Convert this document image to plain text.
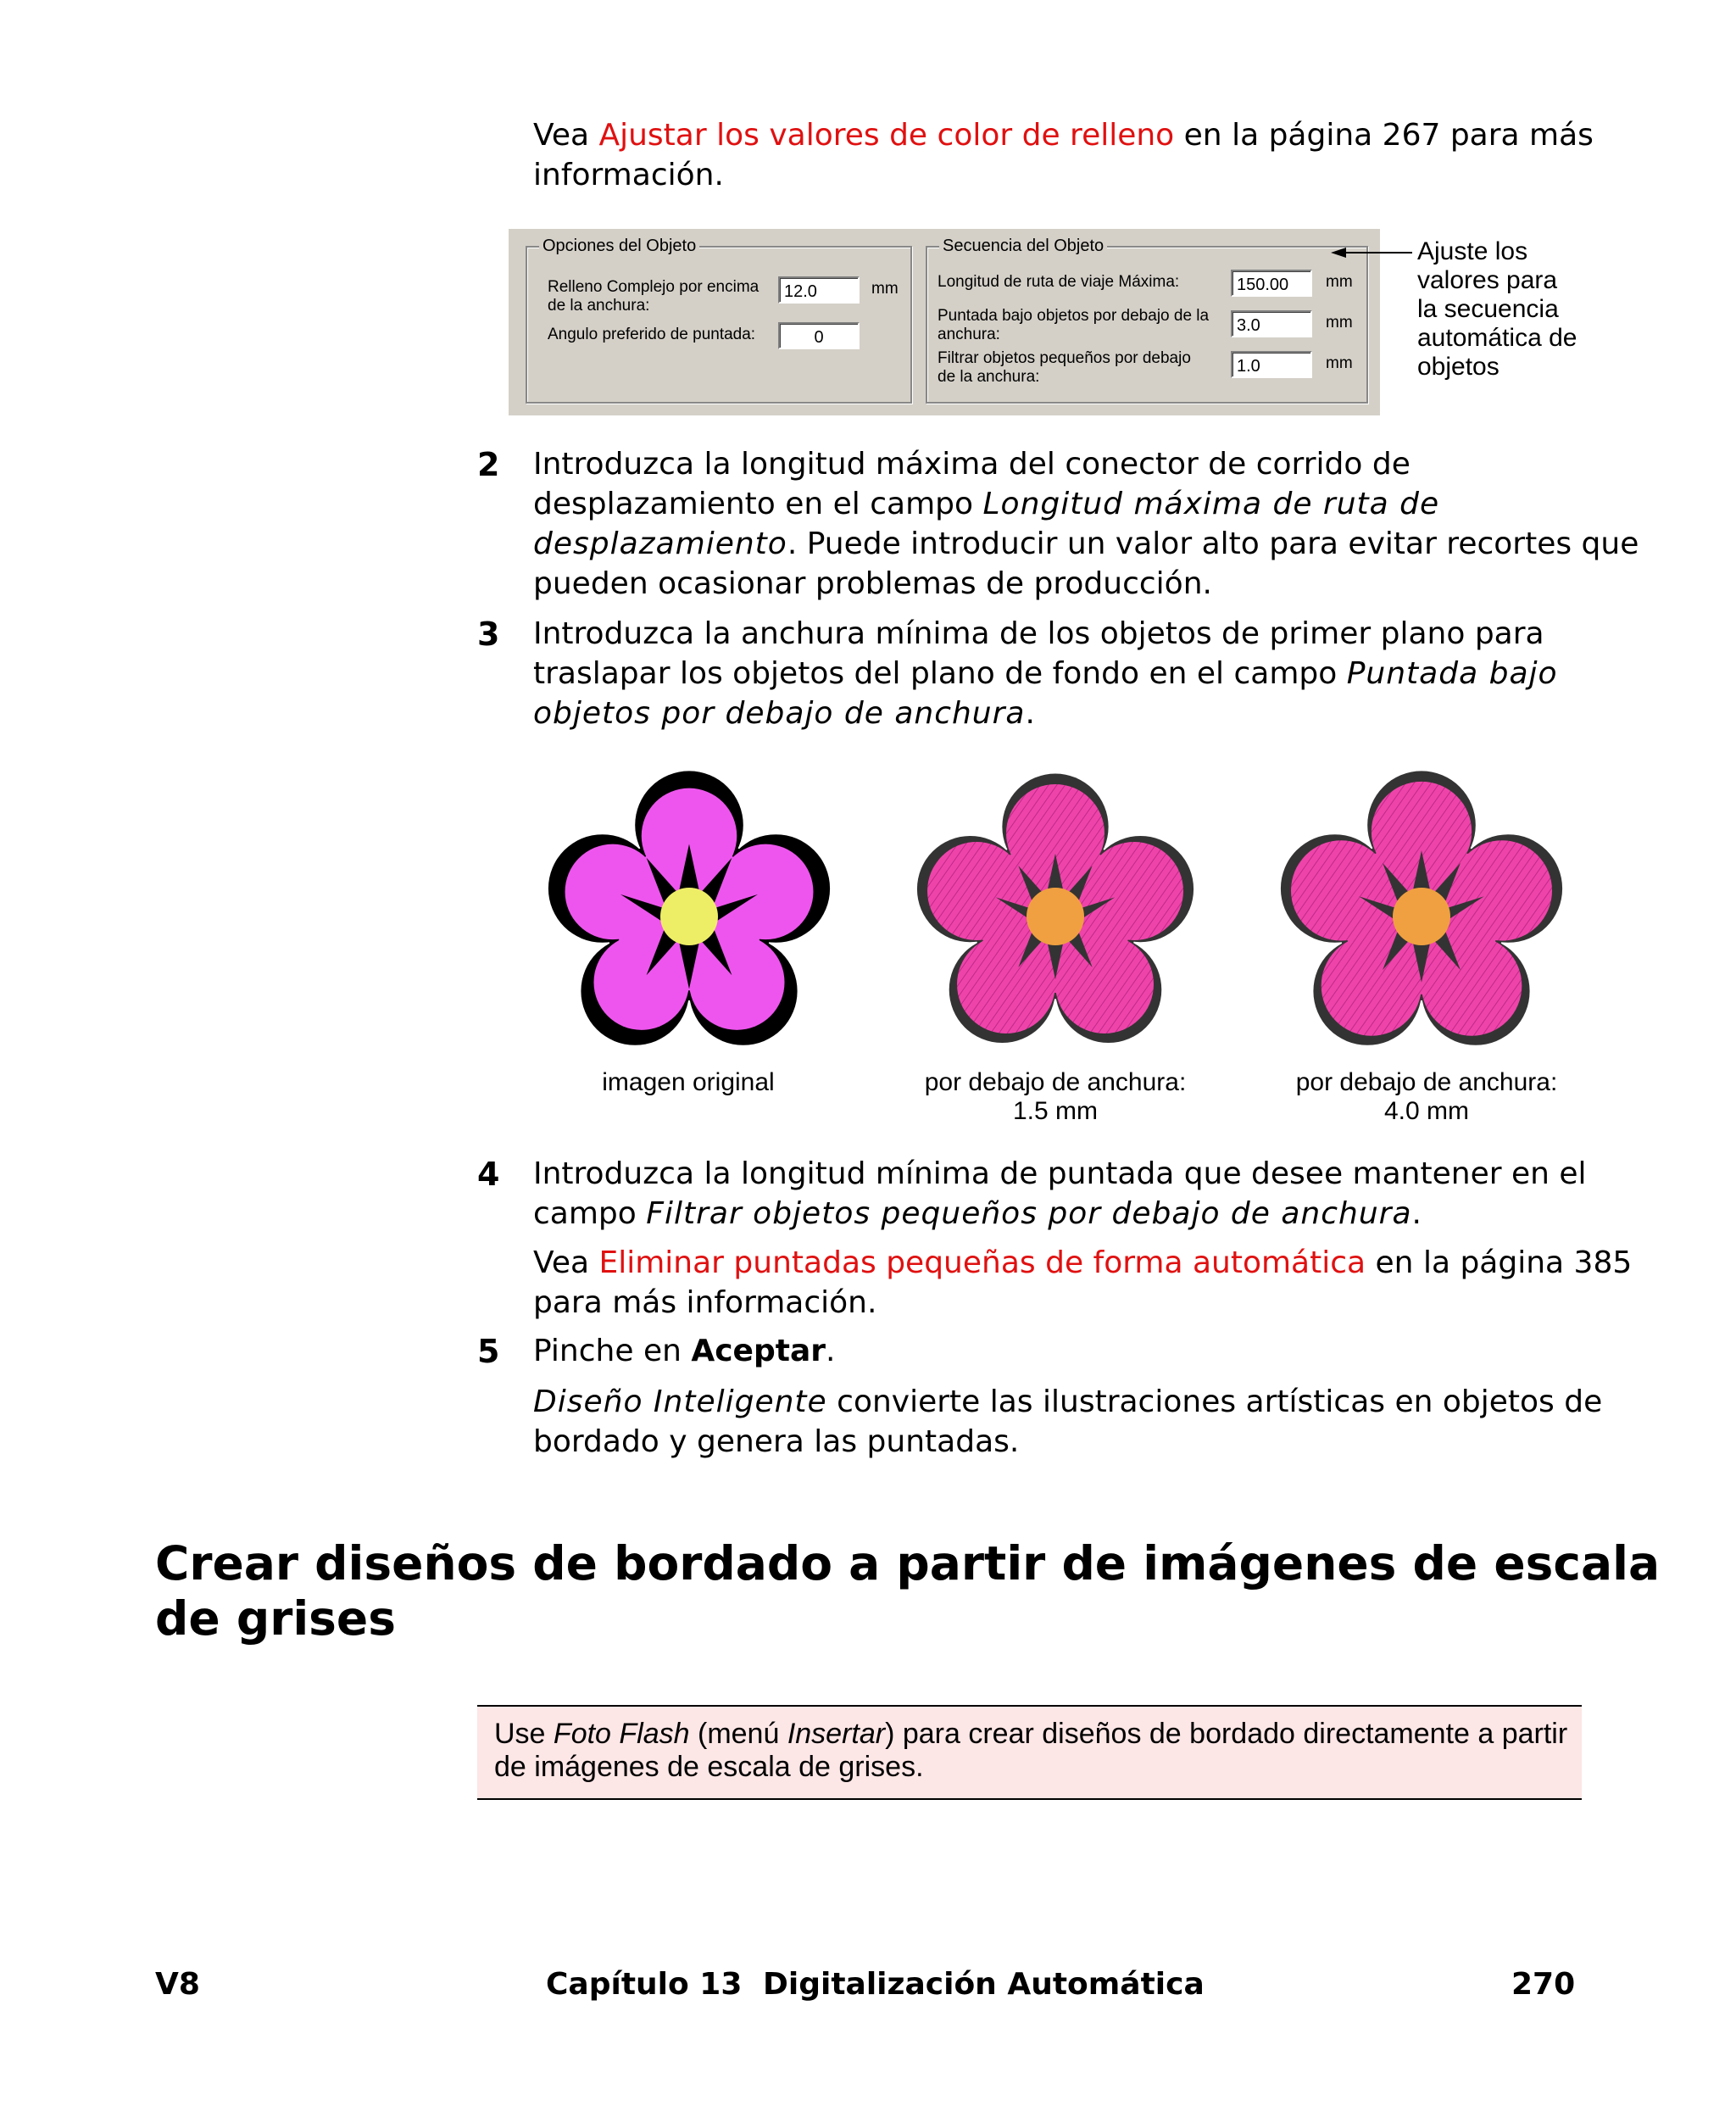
Vea Ajustar los valores de color de relleno en la página 267 para más
información.
Opciones del Objeto
Relleno Complejo por encima
de la anchura:
12.0	mm
Angulo preferido de puntada:	0
Secuencia del Objeto
Longitud de ruta de viaje Máxima:	150.00	mm
Puntada bajo objetos por debajo de la
anchura:	3.0	mm
Filtrar objetos pequeños por debajo
de la anchura:
1.0	mm
Ajuste los
valores para
la secuencia
automática de
objetos
2 Introduzca la longitud máxima del conector de corrido de
desplazamiento en el campo Longitud máxima de ruta de
desplazamiento. Puede introducir un valor alto para evitar recortes que
pueden ocasionar problemas de producción.
3 Introduzca la anchura mínima de los objetos de primer plano para
traslapar los objetos del plano de fondo en el campo Puntada bajo
objetos por debajo de anchura.
imagen original	por debajo de anchura:
1.5 mm
por debajo de anchura:
4.0 mm
4 Introduzca la longitud mínima de puntada que desee mantener en el
campo Filtrar objetos pequeños por debajo de anchura.
Vea Eliminar puntadas pequeñas de forma automática en la página 385
para más información.
5 Pinche en Aceptar.
Diseño Inteligente convierte las ilustraciones artísticas en objetos de
bordado y genera las puntadas.
Crear diseños de bordado a partir de imágenes de escala
de grises
Use Foto Flash (menú Insertar) para crear diseños de bordado directamente a partir
de imágenes de escala de grises.
V8	Capítulo 13 Digitalización Automática	270
